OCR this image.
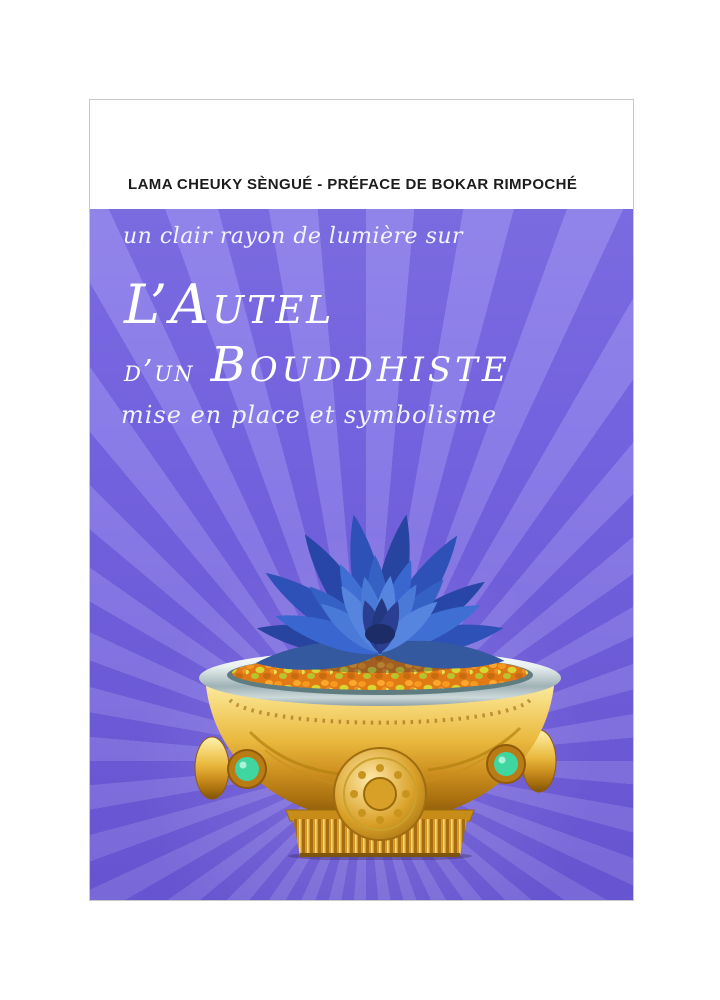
LAMA CHEUKY SÈNGUÉ - PRÉFACE DE BOKAR RIMPOCHÉ
un clair rayon de lumière sur
L’Autel
d’un Bouddhiste
mise en place et symbolisme
